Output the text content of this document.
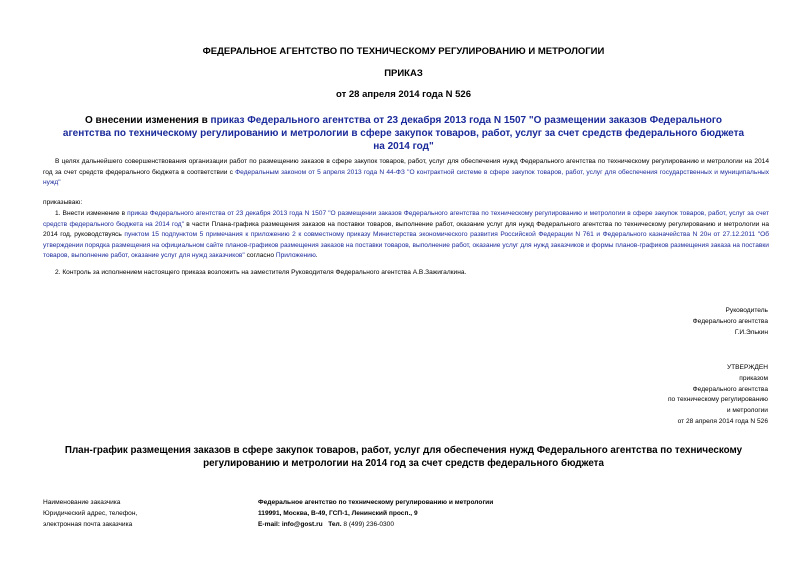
ФЕДЕРАЛЬНОЕ АГЕНТСТВО ПО ТЕХНИЧЕСКОМУ РЕГУЛИРОВАНИЮ И МЕТРОЛОГИИ
ПРИКАЗ
от 28 апреля 2014 года N 526
О внесении изменения в приказ Федерального агентства от 23 декабря 2013 года N 1507 "О размещении заказов Федерального агентства по техническому регулированию и метрологии в сфере закупок товаров, работ, услуг за счет средств федерального бюджета на 2014 год"
В целях дальнейшего совершенствования организации работ по размещению заказов в сфере закупок товаров, работ, услуг для обеспечения нужд Федерального агентства по техническому регулированию и метрологии на 2014 год за счет средств федерального бюджета в соответствии с Федеральным законом от 5 апреля 2013 года N 44-ФЗ "О контрактной системе в сфере закупок товаров, работ, услуг для обеспечения государственных и муниципальных нужд"
приказываю:
1. Внести изменение в приказ Федерального агентства от 23 декабря 2013 года N 1507 "О размещении заказов Федерального агентства по техническому регулированию и метрологии в сфере закупок товаров, работ, услуг за счет средств федерального бюджета на 2014 год" в части Плана-графика размещения заказов на поставки товаров, выполнение работ, оказание услуг для нужд Федерального агентства по техническому регулированию и метрологии на 2014 год, руководствуясь пунктом 15 подпунктом 5 примечания к приложению 2 к совместному приказу Министерства экономического развития Российской Федерации N 761 и Федерального казначейства N 20н от 27.12.2011 "Об утверждении порядка размещения на официальном сайте планов-графиков размещения заказов на поставки товаров, выполнение работ, оказание услуг для нужд заказчиков и формы планов-графиков размещения заказа на поставки товаров, выполнение работ, оказание услуг для нужд заказчиков" согласно Приложению.
2. Контроль за исполнением настоящего приказа возложить на заместителя Руководителя Федерального агентства А.В.Зажигалкина.
Руководитель
Федерального агентства
Г.И.Элькин
УТВЕРЖДЕН
приказом
Федерального агентства
по техническому регулированию
и метрологии
от 28 апреля 2014 года N 526
План-график размещения заказов в сфере закупок товаров, работ, услуг для обеспечения нужд Федерального агентства по техническому регулированию и метрологии на 2014 год за счет средств федерального бюджета
Наименование заказчика
Юридический адрес, телефон,
электронная почта заказчика
Федеральное агентство по техническому регулированию и метрологии
119991, Москва, В-49, ГСП-1, Ленинский просп., 9
E-mail: info@gost.ru Тел. 8 (499) 236-0300
